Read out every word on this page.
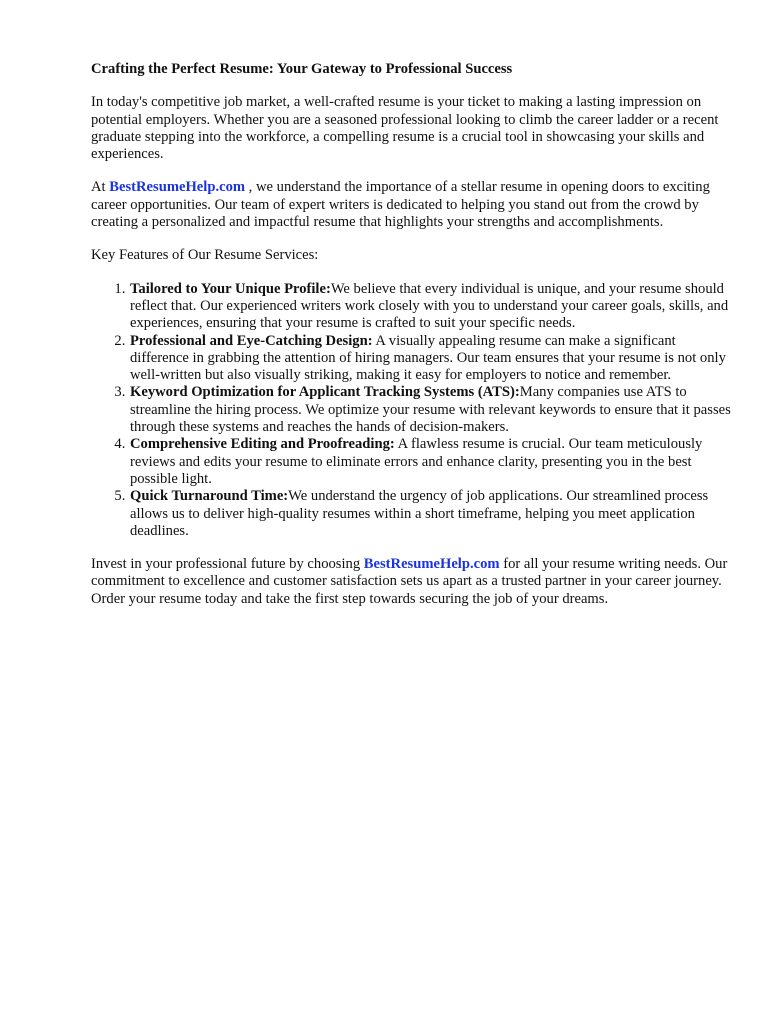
Crafting the Perfect Resume: Your Gateway to Professional Success

In today's competitive job market, a well-crafted resume is your ticket to making a lasting impression on potential employers. Whether you are a seasoned professional looking to climb the career ladder or a recent graduate stepping into the workforce, a compelling resume is a crucial tool in showcasing your skills and experiences.

At BestResumeHelp.com , we understand the importance of a stellar resume in opening doors to exciting career opportunities. Our team of expert writers is dedicated to helping you stand out from the crowd by creating a personalized and impactful resume that highlights your strengths and accomplishments.

Key Features of Our Resume Services:

1. Tailored to Your Unique Profile:We believe that every individual is unique, and your resume should reflect that. Our experienced writers work closely with you to understand your career goals, skills, and experiences, ensuring that your resume is crafted to suit your specific needs.
2. Professional and Eye-Catching Design: A visually appealing resume can make a significant difference in grabbing the attention of hiring managers. Our team ensures that your resume is not only well-written but also visually striking, making it easy for employers to notice and remember.
3. Keyword Optimization for Applicant Tracking Systems (ATS):Many companies use ATS to streamline the hiring process. We optimize your resume with relevant keywords to ensure that it passes through these systems and reaches the hands of decision-makers.
4. Comprehensive Editing and Proofreading: A flawless resume is crucial. Our team meticulously reviews and edits your resume to eliminate errors and enhance clarity, presenting you in the best possible light.
5. Quick Turnaround Time:We understand the urgency of job applications. Our streamlined process allows us to deliver high-quality resumes within a short timeframe, helping you meet application deadlines.

Invest in your professional future by choosing BestResumeHelp.com for all your resume writing needs. Our commitment to excellence and customer satisfaction sets us apart as a trusted partner in your career journey. Order your resume today and take the first step towards securing the job of your dreams.
